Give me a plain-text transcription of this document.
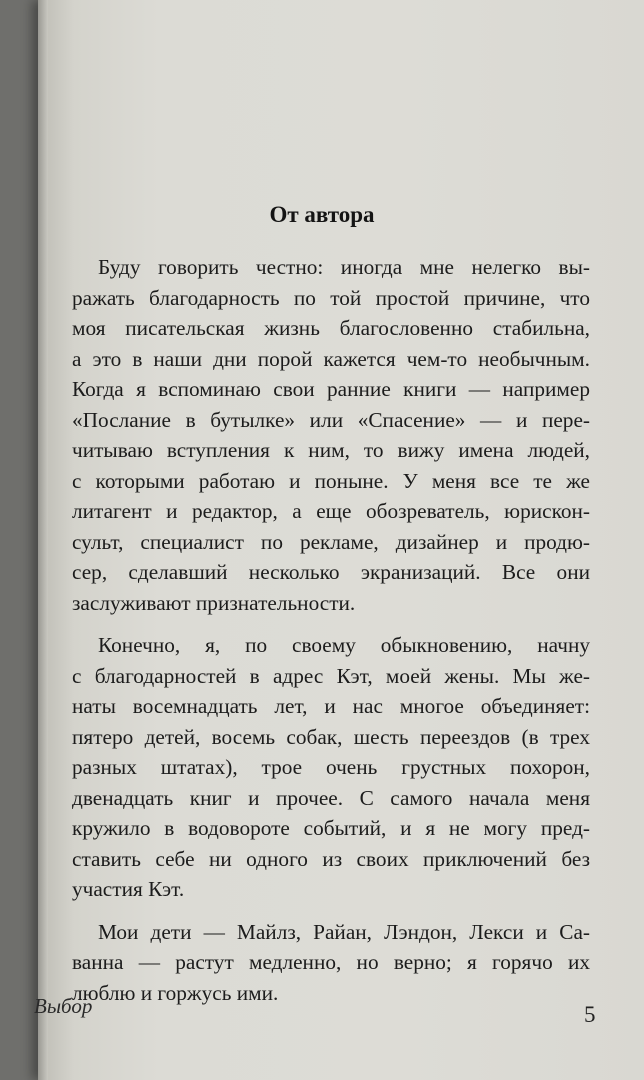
От автора
Буду говорить честно: иногда мне нелегко вы-
ражать благодарность по той простой причине, что
моя писательская жизнь благословенно стабильна,
а это в наши дни порой кажется чем-то необычным.
Когда я вспоминаю свои ранние книги — например
«Послание в бутылке» или «Спасение» — и пере-
читываю вступления к ним, то вижу имена людей,
с которыми работаю и поныне. У меня все те же
литагент и редактор, а еще обозреватель, юрискон-
сульт, специалист по рекламе, дизайнер и продю-
сер, сделавший несколько экранизаций. Все они
заслуживают признательности.
Конечно, я, по своему обыкновению, начну
с благодарностей в адрес Кэт, моей жены. Мы же-
наты восемнадцать лет, и нас многое объединяет:
пятеро детей, восемь собак, шесть переездов (в трех
разных штатах), трое очень грустных похорон,
двенадцать книг и прочее. С самого начала меня
кружило в водовороте событий, и я не могу пред-
ставить себе ни одного из своих приключений без
участия Кэт.
Мои дети — Майлз, Райан, Лэндон, Лекси и Са-
ванна — растут медленно, но верно; я горячо их
люблю и горжусь ими.
Выбор	5
